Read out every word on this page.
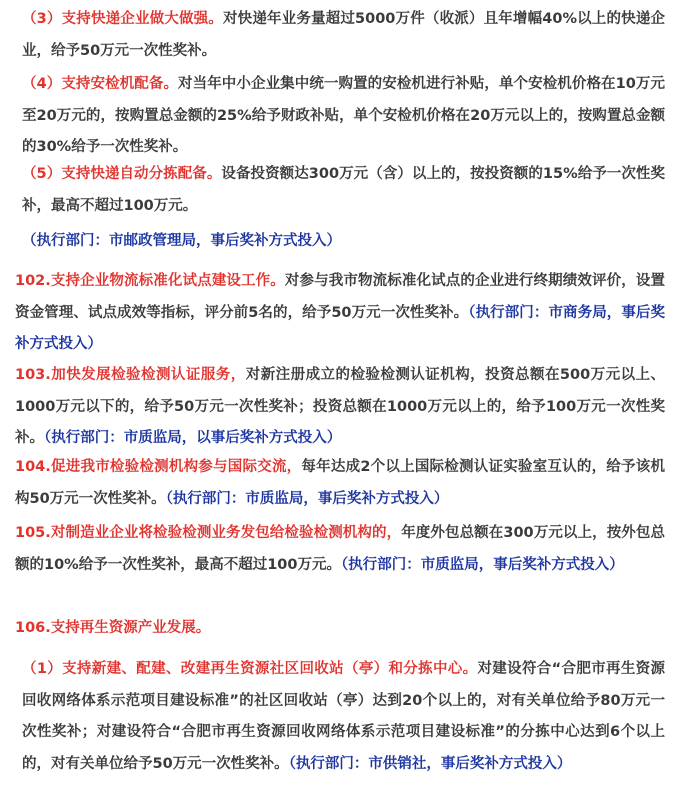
（3）支持快递企业做大做强。对快递年业务量超过5000万件（收派）且年增幅40%以上的快递企业，给予50万元一次性奖补。

（4）支持安检机配备。对当年中小企业集中统一购置的安检机进行补贴，单个安检机价格在10万元至20万元的，按购置总金额的25%给予财政补贴，单个安检机价格在20万元以上的，按购置总金额的30%给予一次性奖补。

（5）支持快递自动分拣配备。设备投资额达300万元（含）以上的，按投资额的15%给予一次性奖补，最高不超过100万元。

（执行部门：市邮政管理局，事后奖补方式投入）

102.支持企业物流标准化试点建设工作。对参与我市物流标准化试点的企业进行终期绩效评价，设置资金管理、试点成效等指标，评分前5名的，给予50万元一次性奖补。（执行部门：市商务局，事后奖补方式投入）

103.加快发展检验检测认证服务，对新注册成立的检验检测认证机构，投资总额在500万元以上、1000万元以下的，给予50万元一次性奖补；投资总额在1000万元以上的，给予100万元一次性奖补。（执行部门：市质监局，以事后奖补方式投入）

104.促进我市检验检测机构参与国际交流，每年达成2个以上国际检测认证实验室互认的，给予该机构50万元一次性奖补。（执行部门：市质监局，事后奖补方式投入）

105.对制造业企业将检验检测业务发包给检验检测机构的，年度外包总额在300万元以上，按外包总额的10%给予一次性奖补，最高不超过100万元。（执行部门：市质监局，事后奖补方式投入）

106.支持再生资源产业发展。

（1）支持新建、配建、改建再生资源社区回收站（亭）和分拣中心。对建设符合“合肥市再生资源回收网络体系示范项目建设标准”的社区回收站（亭）达到20个以上的，对有关单位给予80万元一次性奖补；对建设符合“合肥市再生资源回收网络体系示范项目建设标准”的分拣中心达到6个以上的，对有关单位给予50万元一次性奖补。（执行部门：市供销社，事后奖补方式投入）
